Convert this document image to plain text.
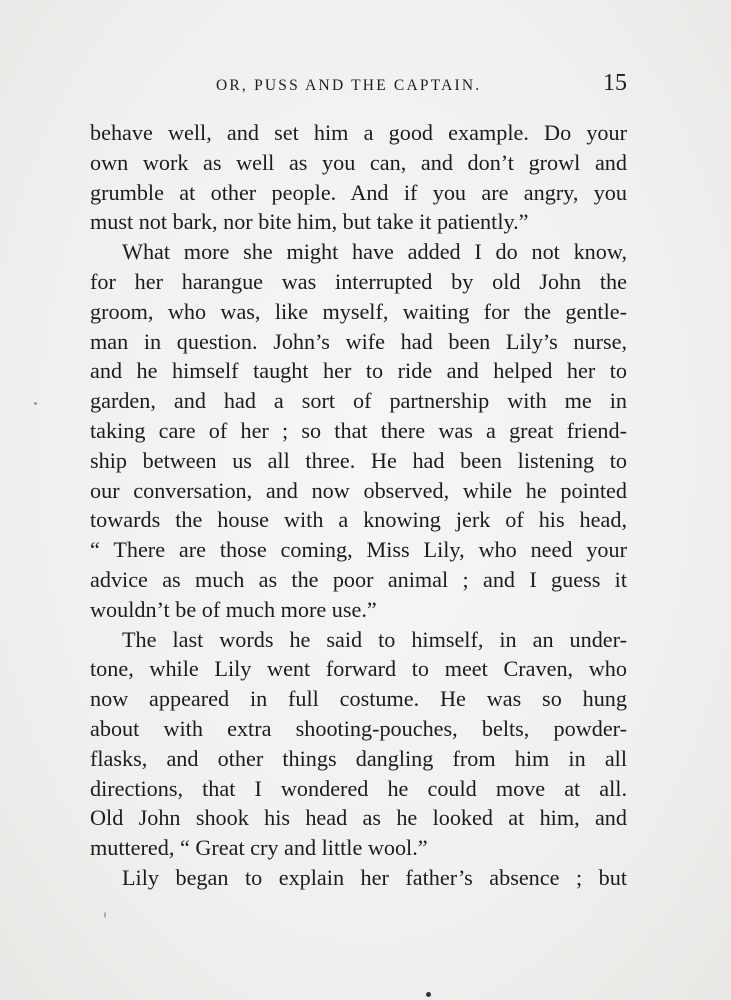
OR, PUSS AND THE CAPTAIN.	15
behave well, and set him a good example. Do your
own work as well as you can, and don’t growl and
grumble at other people. And if you are angry, you
must not bark, nor bite him, but take it patiently.”
What more she might have added I do not know,
for her harangue was interrupted by old John the
groom, who was, like myself, waiting for the gentle-
man in question. John’s wife had been Lily’s nurse,
and he himself taught her to ride and helped her to
garden, and had a sort of partnership with me in
taking care of her ; so that there was a great friend-
ship between us all three. He had been listening to
our conversation, and now observed, while he pointed
towards the house with a knowing jerk of his head,
“ There are those coming, Miss Lily, who need your
advice as much as the poor animal ; and I guess it
wouldn’t be of much more use.”
The last words he said to himself, in an under-
tone, while Lily went forward to meet Craven, who
now appeared in full costume. He was so hung
about with extra shooting-pouches, belts, powder-
flasks, and other things dangling from him in all
directions, that I wondered he could move at all.
Old John shook his head as he looked at him, and
muttered, “ Great cry and little wool.”
Lily began to explain her father’s absence ; but
